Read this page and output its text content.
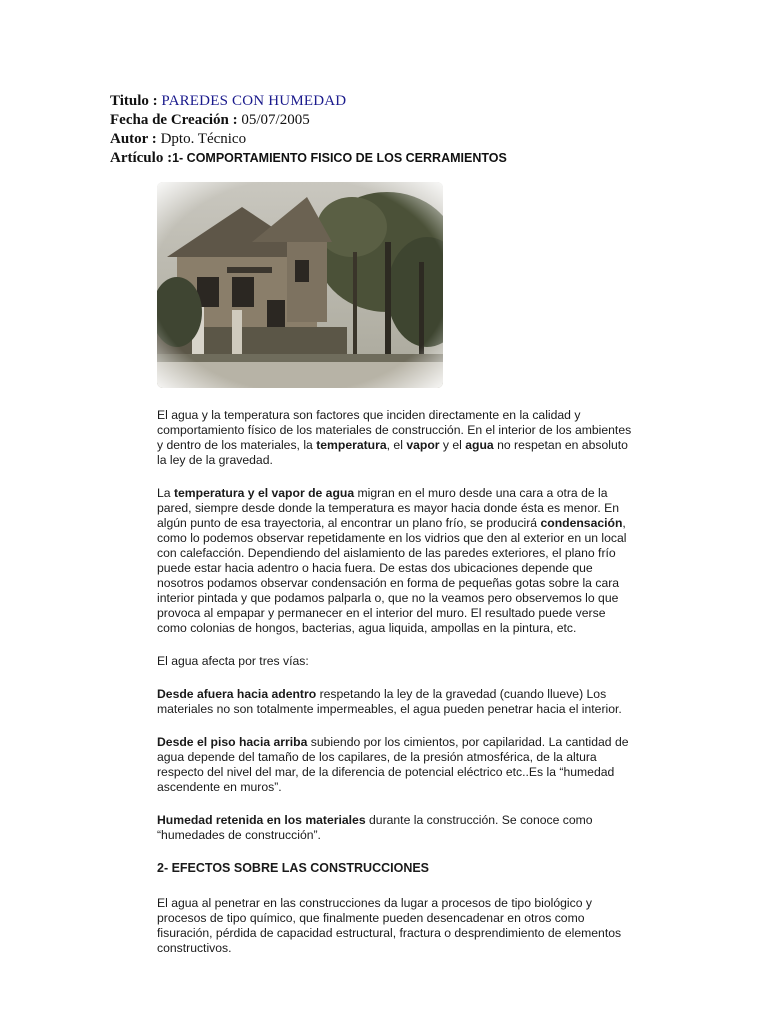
Titulo : PAREDES CON HUMEDAD
Fecha de Creación : 05/07/2005
Autor : Dpto. Técnico
Artículo :1- COMPORTAMIENTO FISICO DE LOS CERRAMIENTOS

El agua y la temperatura son factores que inciden directamente en la calidad y comportamiento físico de los materiales de construcción. En el interior de los ambientes y dentro de los materiales, la temperatura, el vapor y el agua no respetan en absoluto la ley de la gravedad.

La temperatura y el vapor de agua migran en el muro desde una cara a otra de la pared, siempre desde donde la temperatura es mayor hacia donde ésta es menor. En algún punto de esa trayectoria, al encontrar un plano frío, se producirá condensación, como lo podemos observar repetidamente en los vidrios que den al exterior en un local con calefacción. Dependiendo del aislamiento de las paredes exteriores, el plano frío puede estar hacia adentro o hacia fuera. De estas dos ubicaciones depende que nosotros podamos observar condensación en forma de pequeñas gotas sobre la cara interior pintada y que podamos palparla o, que no la veamos pero observemos lo que provoca al empapar y permanecer en el interior del muro. El resultado puede verse como colonias de hongos, bacterias, agua liquida, ampollas en la pintura, etc.

El agua afecta por tres vías:

Desde afuera hacia adentro respetando la ley de la gravedad (cuando llueve) Los materiales no son totalmente impermeables, el agua pueden penetrar hacia el interior.

Desde el piso hacia arriba subiendo por los cimientos, por capilaridad. La cantidad de agua depende del tamaño de los capilares, de la presión atmosférica, de la altura respecto del nivel del mar, de la diferencia de potencial eléctrico etc..Es la “humedad ascendente en muros”.

Humedad retenida en los materiales durante la construcción. Se conoce como “humedades de construcción”.

2- EFECTOS SOBRE LAS CONSTRUCCIONES

El agua al penetrar en las construcciones da lugar a procesos de tipo biológico y procesos de tipo químico, que finalmente pueden desencadenar en otros como fisuración, pérdida de capacidad estructural, fractura o desprendimiento de elementos constructivos.
